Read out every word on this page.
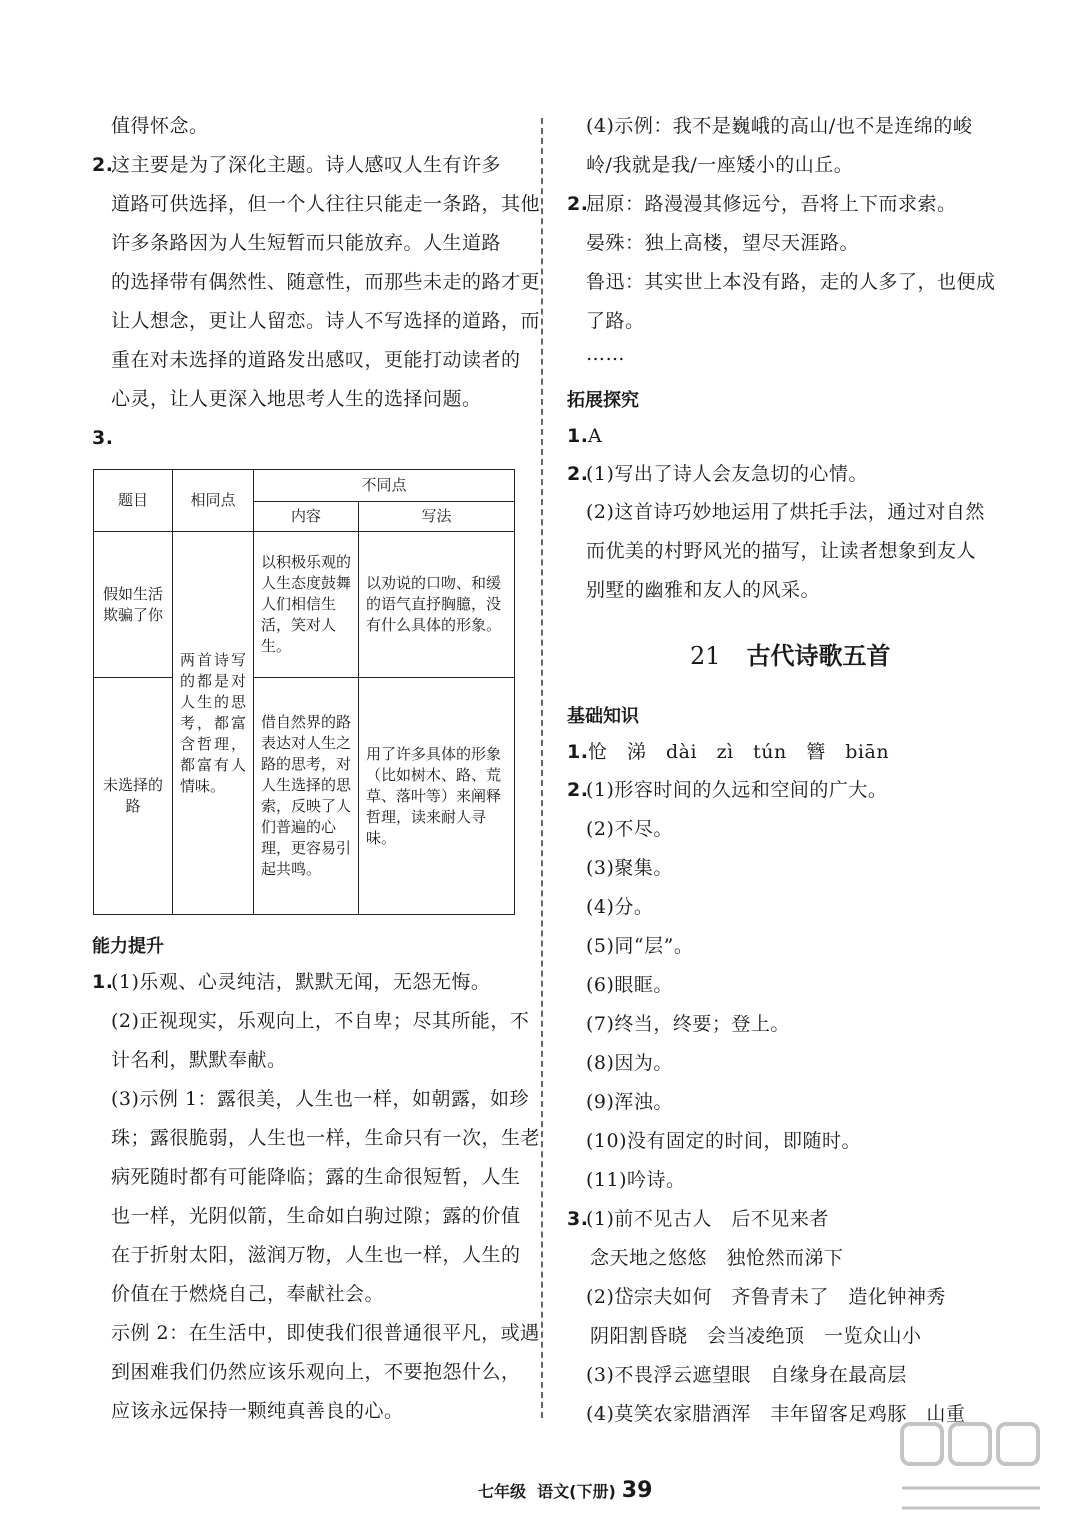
值得怀念。
2.
这主要是为了深化主题。诗人感叹人生有许多
道路可供选择，但一个人往往只能走一条路，其他
许多条路因为人生短暂而只能放弃。人生道路
的选择带有偶然性、随意性，而那些未走的路才更
让人想念，更让人留恋。诗人不写选择的道路，而
重在对未选择的道路发出感叹，更能打动读者的
心灵，让人更深入地思考人生的选择问题。
3.
题目	相同点	不同点	
		内容	写法
假如生活欺骗了你	两首诗写的都是对人生的思考，都富含哲理，都富有人情味。	以积极乐观的人生态度鼓舞人们相信生活，笑对人生。	以劝说的口吻、和缓的语气直抒胸臆，没有什么具体的形象。
未选择的路		借自然界的路表达对人生之路的思考，对人生选择的思索，反映了人们普遍的心理，更容易引起共鸣。	用了许多具体的形象（比如树木、路、荒草、落叶等）来阐释哲理，读来耐人寻味。
能力提升
1.
(1)乐观、心灵纯洁，默默无闻，无怨无悔。
(2)正视现实，乐观向上，不自卑；尽其所能，不
计名利，默默奉献。
(3)示例 1：露很美，人生也一样，如朝露，如珍
珠；露很脆弱，人生也一样，生命只有一次，生老
病死随时都有可能降临；露的生命很短暂，人生
也一样，光阴似箭，生命如白驹过隙；露的价值
在于折射太阳，滋润万物，人生也一样，人生的
价值在于燃烧自己，奉献社会。
示例 2：在生活中，即使我们很普通很平凡，或遇
到困难我们仍然应该乐观向上，不要抱怨什么，
应该永远保持一颗纯真善良的心。
(4)示例：我不是巍峨的高山/也不是连绵的峻
岭/我就是我/一座矮小的山丘。
2.
屈原：路漫漫其修远兮，吾将上下而求索。
晏殊：独上高楼，望尽天涯路。
鲁迅：其实世上本没有路，走的人多了，也便成
了路。
……
拓展探究
1. A
2.
(1)写出了诗人会友急切的心情。
(2)这首诗巧妙地运用了烘托手法，通过对自然
而优美的村野风光的描写，让读者想象到友人
别墅的幽雅和友人的风采。
21 古代诗歌五首
基础知识
1. 怆　涕　dài　zì　tún　簪　biān
2.
(1)形容时间的久远和空间的广大。
(2)不尽。
(3)聚集。
(4)分。
(5)同“层”。
(6)眼眶。
(7)终当，终要；登上。
(8)因为。
(9)浑浊。
(10)没有固定的时间，即随时。
(11)吟诗。
3.
(1)前不见古人　后不见来者
念天地之悠悠　独怆然而涕下
(2)岱宗夫如何　齐鲁青未了　造化钟神秀
阴阳割昏晓　会当凌绝顶　一览众山小
(3)不畏浮云遮望眼　自缘身在最高层
(4)莫笑农家腊酒浑　丰年留客足鸡豚　山重
七年级 语文(下册) 39
